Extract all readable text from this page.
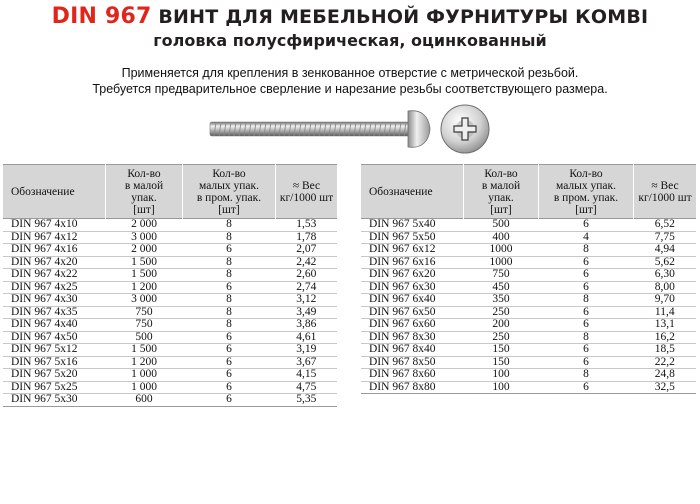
DIN 967 ВИНТ ДЛЯ МЕБЕЛЬНОЙ ФУРНИТУРЫ КОМВІ
головка полусфирическая, оцинкованный
Применяется для крепления в зенкованное отверстие с метрической резьбой.
Требуется предварительное сверление и нарезание резьбы соответствующего размера.
Обозначение	Кол-во
в малой
упак.
[шт]	Кол-во
малых упак.
в пром. упак.
[шт]	≈ Вес
кг/1000 шт
DIN 967 4x10	2 000	8	1,53
DIN 967 4x12	3 000	8	1,78
DIN 967 4x16	2 000	6	2,07
DIN 967 4x20	1 500	8	2,42
DIN 967 4x22	1 500	8	2,60
DIN 967 4x25	1 200	6	2,74
DIN 967 4x30	3 000	8	3,12
DIN 967 4x35	750	8	3,49
DIN 967 4x40	750	8	3,86
DIN 967 4x50	500	6	4,61
DIN 967 5x12	1 500	6	3,19
DIN 967 5x16	1 200	6	3,67
DIN 967 5x20	1 000	6	4,15
DIN 967 5x25	1 000	6	4,75
DIN 967 5x30	600	6	5,35
Обозначение	Кол-во
в малой
упак.
[шт]	Кол-во
малых упак.
в пром. упак.
[шт]	≈ Вес
кг/1000 шт
DIN 967 5x40	500	6	6,52
DIN 967 5x50	400	4	7,75
DIN 967 6x12	1000	8	4,94
DIN 967 6x16	1000	6	5,62
DIN 967 6x20	750	6	6,30
DIN 967 6x30	450	6	8,00
DIN 967 6x40	350	8	9,70
DIN 967 6x50	250	6	11,4
DIN 967 6x60	200	6	13,1
DIN 967 8x30	250	8	16,2
DIN 967 8x40	150	6	18,5
DIN 967 8x50	150	6	22,2
DIN 967 8x60	100	8	24,8
DIN 967 8x80	100	6	32,5
